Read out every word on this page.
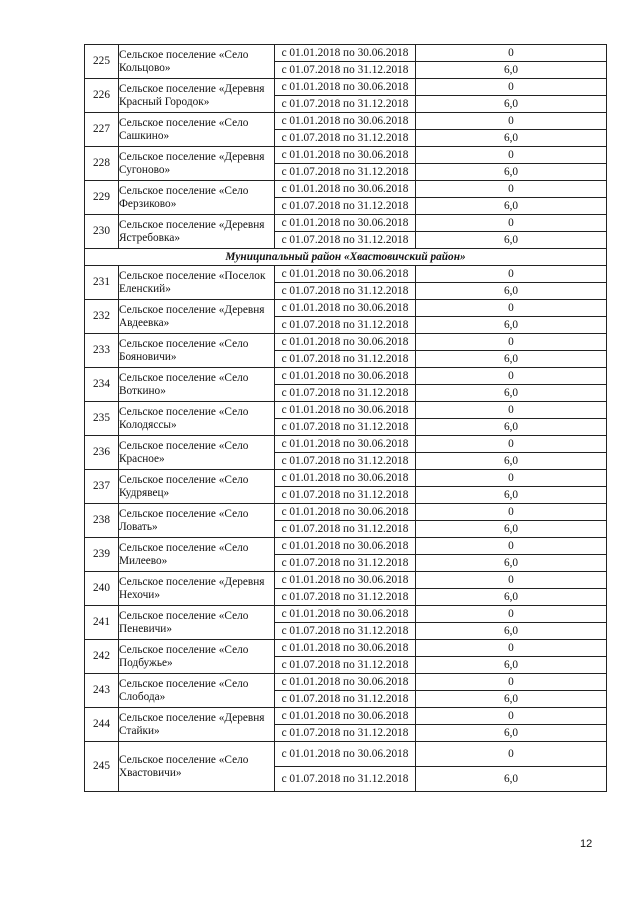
225	Сельское поселение «Село Кольцово»	с 01.01.2018 по 30.06.2018	0
		с 01.07.2018 по 31.12.2018	6,0
226	Сельское поселение «Деревня Красный Городок»	с 01.01.2018 по 30.06.2018	0
		с 01.07.2018 по 31.12.2018	6,0
227	Сельское поселение «Село Сашкино»	с 01.01.2018 по 30.06.2018	0
		с 01.07.2018 по 31.12.2018	6,0
228	Сельское поселение «Деревня Сугоново»	с 01.01.2018 по 30.06.2018	0
		с 01.07.2018 по 31.12.2018	6,0
229	Сельское поселение «Село Ферзиково»	с 01.01.2018 по 30.06.2018	0
		с 01.07.2018 по 31.12.2018	6,0
230	Сельское поселение «Деревня Ястребовка»	с 01.01.2018 по 30.06.2018	0
		с 01.07.2018 по 31.12.2018	6,0
Муниципальный район «Хвастовичский район»			
231	Сельское поселение «Поселок Еленский»	с 01.01.2018 по 30.06.2018	0
		с 01.07.2018 по 31.12.2018	6,0
232	Сельское поселение «Деревня Авдеевка»	с 01.01.2018 по 30.06.2018	0
		с 01.07.2018 по 31.12.2018	6,0
233	Сельское поселение «Село Бояновичи»	с 01.01.2018 по 30.06.2018	0
		с 01.07.2018 по 31.12.2018	6,0
234	Сельское поселение «Село Воткино»	с 01.01.2018 по 30.06.2018	0
		с 01.07.2018 по 31.12.2018	6,0
235	Сельское поселение «Село Колодяссы»	с 01.01.2018 по 30.06.2018	0
		с 01.07.2018 по 31.12.2018	6,0
236	Сельское поселение «Село Красное»	с 01.01.2018 по 30.06.2018	0
		с 01.07.2018 по 31.12.2018	6,0
237	Сельское поселение «Село Кудрявец»	с 01.01.2018 по 30.06.2018	0
		с 01.07.2018 по 31.12.2018	6,0
238	Сельское поселение «Село Ловать»	с 01.01.2018 по 30.06.2018	0
		с 01.07.2018 по 31.12.2018	6,0
239	Сельское поселение «Село Милеево»	с 01.01.2018 по 30.06.2018	0
		с 01.07.2018 по 31.12.2018	6,0
240	Сельское поселение «Деревня Нехочи»	с 01.01.2018 по 30.06.2018	0
		с 01.07.2018 по 31.12.2018	6,0
241	Сельское поселение «Село Пеневичи»	с 01.01.2018 по 30.06.2018	0
		с 01.07.2018 по 31.12.2018	6,0
242	Сельское поселение «Село Подбужье»	с 01.01.2018 по 30.06.2018	0
		с 01.07.2018 по 31.12.2018	6,0
243	Сельское поселение «Село Слобода»	с 01.01.2018 по 30.06.2018	0
		с 01.07.2018 по 31.12.2018	6,0
244	Сельское поселение «Деревня Стайки»	с 01.01.2018 по 30.06.2018	0
		с 01.07.2018 по 31.12.2018	6,0
245	Сельское поселение «Село Хвастовичи»	с 01.01.2018 по 30.06.2018	0
		с 01.07.2018 по 31.12.2018	6,0
12
